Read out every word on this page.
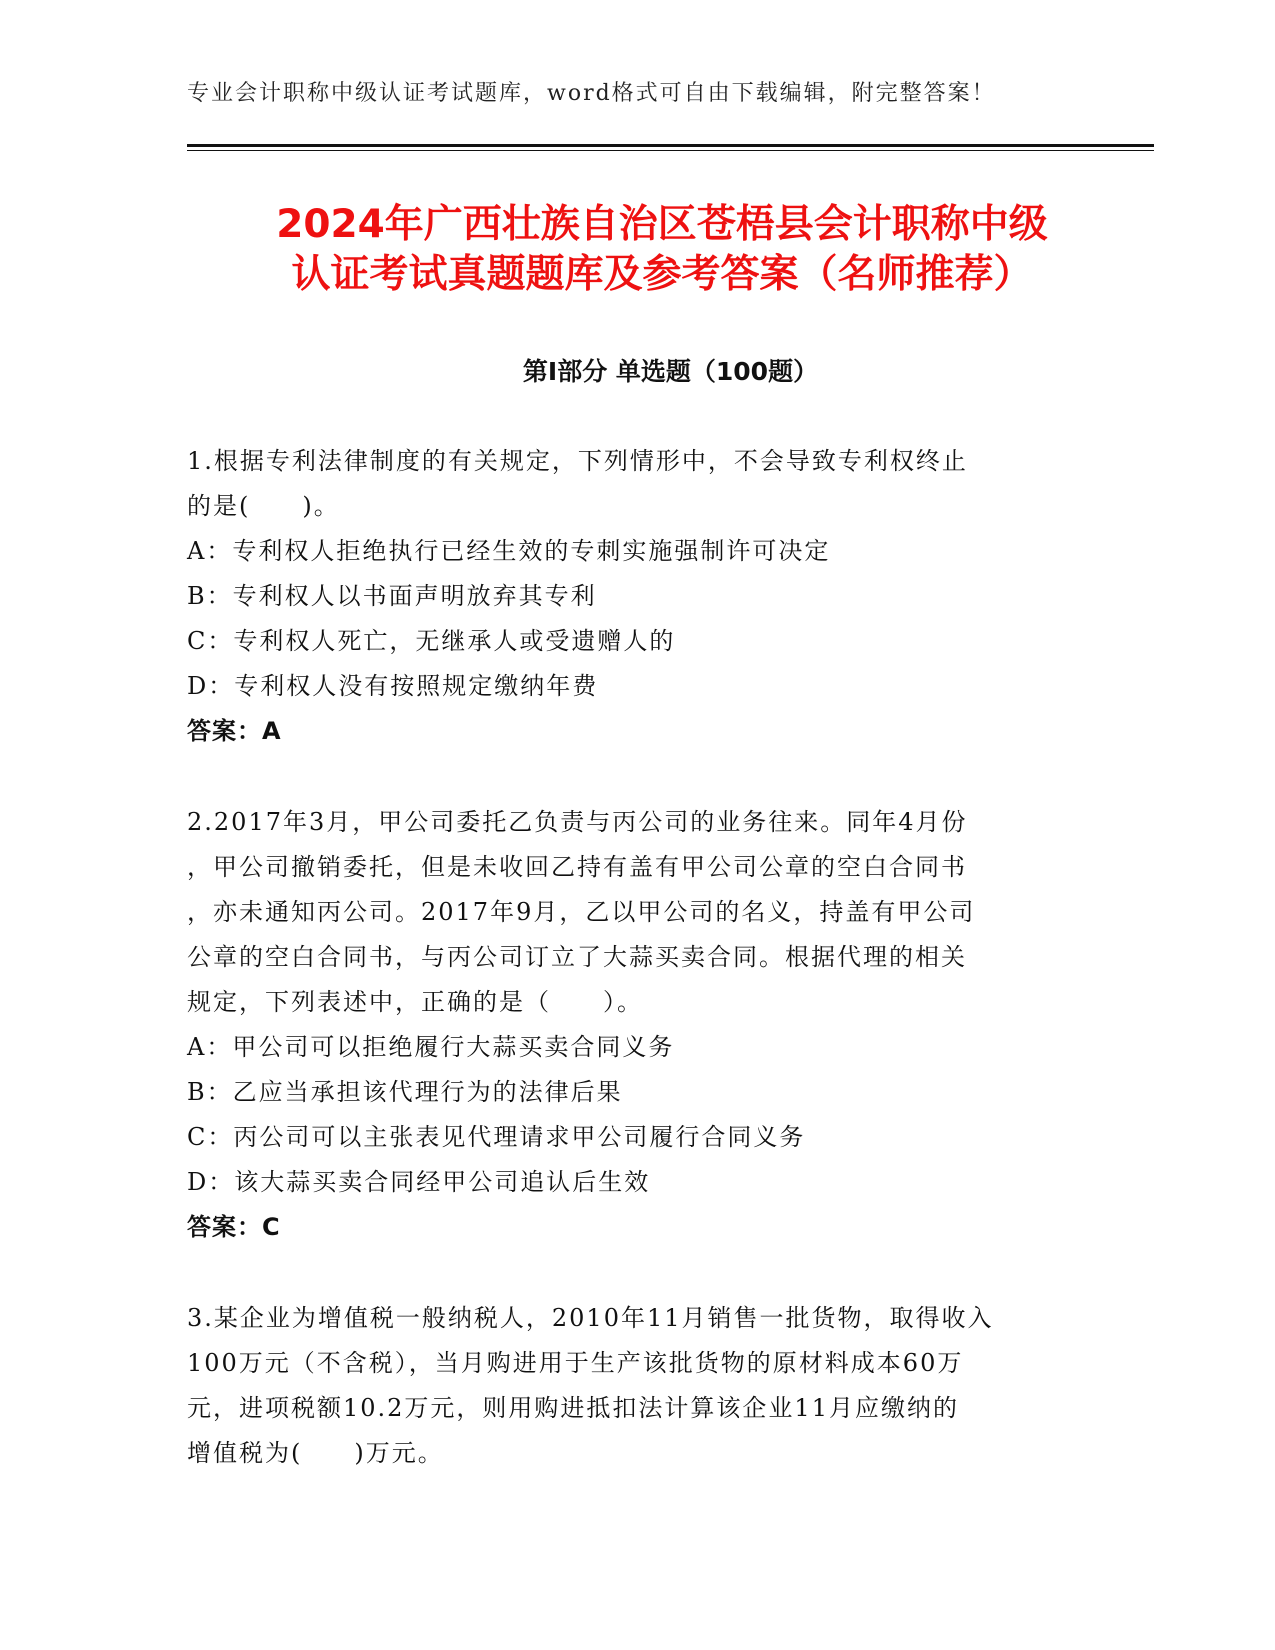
专业会计职称中级认证考试题库，word格式可自由下载编辑，附完整答案！
2024年广西壮族自治区苍梧县会计职称中级
认证考试真题题库及参考答案（名师推荐）
第Ⅰ部分 单选题（100题）
1.根据专利法律制度的有关规定，下列情形中，不会导致专利权终止
的是(　　)。
A：专利权人拒绝执行已经生效的专刺实施强制许可决定
B：专利权人以书面声明放弃其专利
C：专利权人死亡，无继承人或受遗赠人的
D：专利权人没有按照规定缴纳年费
答案：A
2.2017年3月，甲公司委托乙负责与丙公司的业务往来。同年4月份
，甲公司撤销委托，但是未收回乙持有盖有甲公司公章的空白合同书
，亦未通知丙公司。2017年9月，乙以甲公司的名义，持盖有甲公司
公章的空白合同书，与丙公司订立了大蒜买卖合同。根据代理的相关
规定，下列表述中，正确的是（　　）。
A：甲公司可以拒绝履行大蒜买卖合同义务
B：乙应当承担该代理行为的法律后果
C：丙公司可以主张表见代理请求甲公司履行合同义务
D：该大蒜买卖合同经甲公司追认后生效
答案：C
3.某企业为增值税一般纳税人，2010年11月销售一批货物，取得收入
100万元（不含税），当月购进用于生产该批货物的原材料成本60万
元，进项税额10.2万元，则用购进抵扣法计算该企业11月应缴纳的
增值税为(　　)万元。
